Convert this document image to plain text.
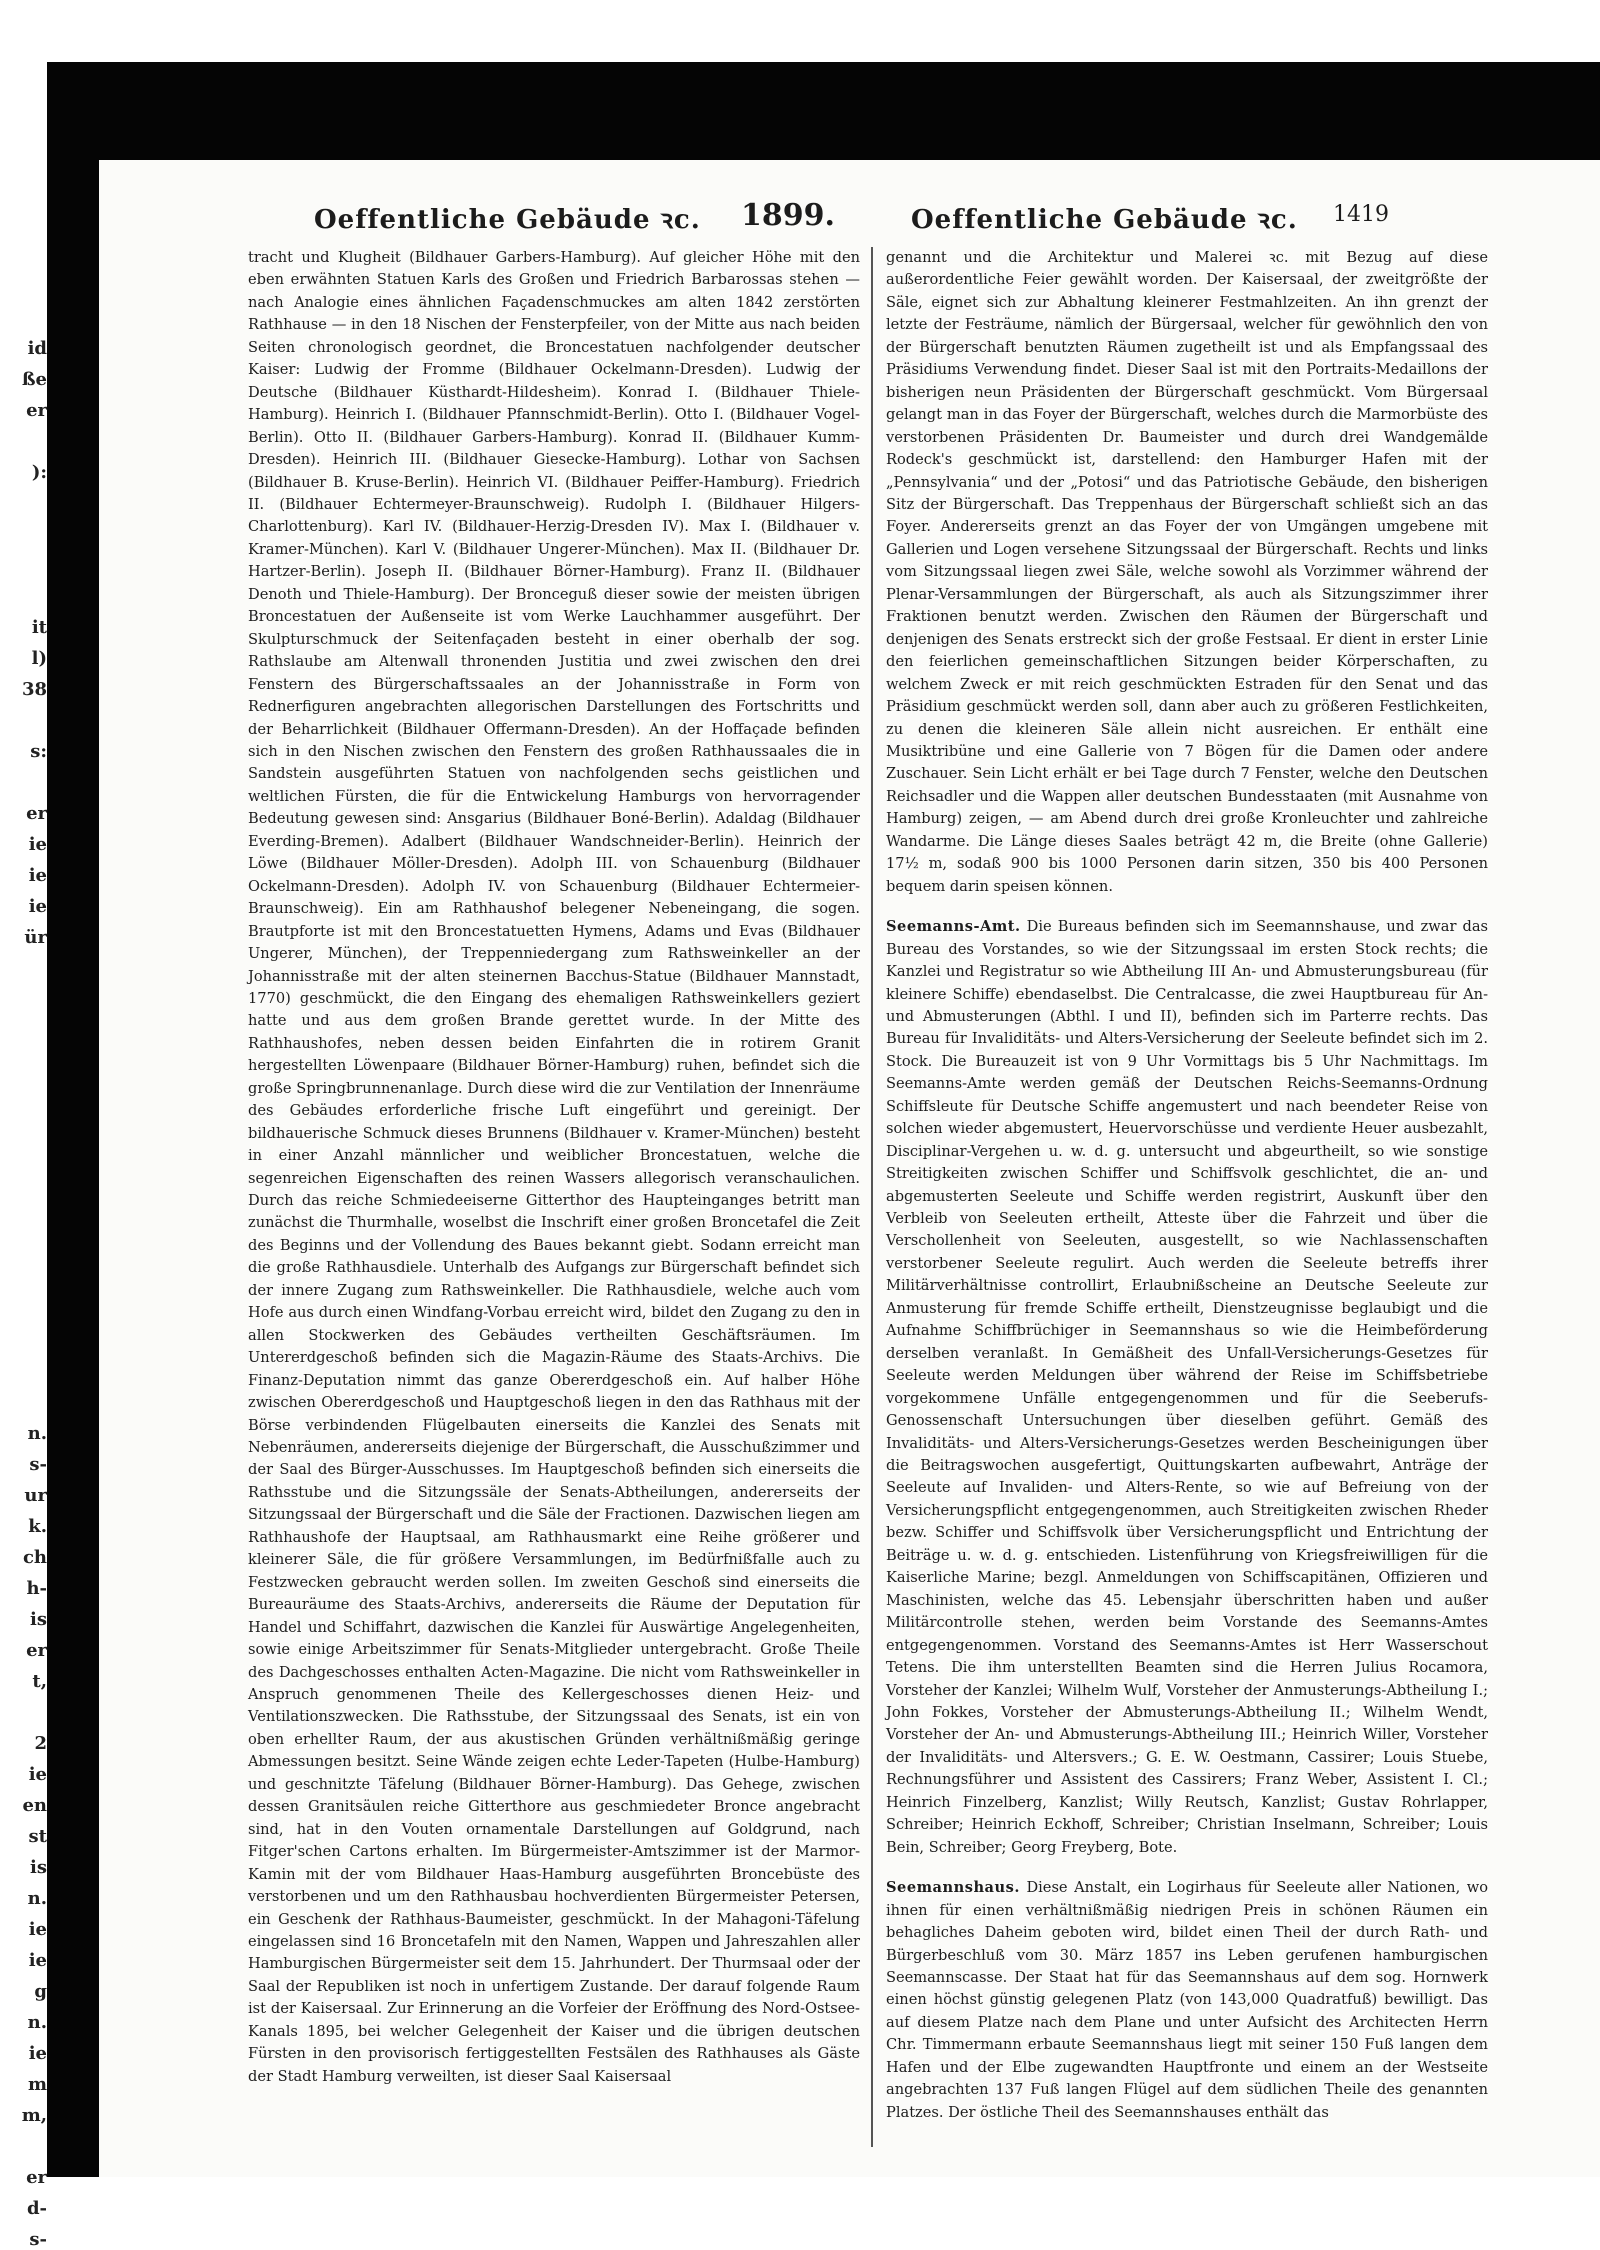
id
ße
er
):
it
l)
38
s:
er
ie
ie
ie
ür
n.
s-
ur
k.
ch
h-
is
er
t,
2
ie
en
st
is
n.
ie
ie
g
n.
ie
m
m,
er
d-
s-
Oeffentliche Gebäude ꝛc. 1899.	Oeffentliche Gebäude ꝛc. 1419

tracht und Klugheit (Bildhauer Garbers-Hamburg). Auf gleicher Höhe mit den eben erwähnten Statuen Karls des Großen und Friedrich Barbarossas stehen — nach Analogie eines ähnlichen Façadenschmuckes am alten 1842 zerstörten Rathhause — in den 18 Nischen der Fensterpfeiler, von der Mitte aus nach beiden Seiten chronologisch geordnet, die Broncestatuen nachfolgender deutscher Kaiser: Ludwig der Fromme (Bildhauer Ockelmann-Dresden). Ludwig der Deutsche (Bildhauer Küsthardt-Hildesheim). Konrad I. (Bildhauer Thiele-Hamburg). Heinrich I. (Bildhauer Pfannschmidt-Berlin). Otto I. (Bildhauer Vogel-Berlin). Otto II. (Bildhauer Garbers-Hamburg). Konrad II. (Bildhauer Kumm-Dresden). Heinrich III. (Bildhauer Giesecke-Hamburg). Lothar von Sachsen (Bildhauer B. Kruse-Berlin). Heinrich VI. (Bildhauer Peiffer-Hamburg). Friedrich II. (Bildhauer Echtermeyer-Braunschweig). Rudolph I. (Bildhauer Hilgers-Charlottenburg). Karl IV. (Bildhauer-Herzig-Dresden IV). Max I. (Bildhauer v. Kramer-München). Karl V. (Bildhauer Ungerer-München). Max II. (Bildhauer Dr. Hartzer-Berlin). Joseph II. (Bildhauer Börner-Hamburg). Franz II. (Bildhauer Denoth und Thiele-Hamburg). Der Bronceguß dieser sowie der meisten übrigen Broncestatuen der Außenseite ist vom Werke Lauchhammer ausgeführt. Der Skulpturschmuck der Seitenfaçaden besteht in einer oberhalb der sog. Rathslaube am Altenwall thronenden Justitia und zwei zwischen den drei Fenstern des Bürgerschaftssaales an der Johannisstraße in Form von Rednerfiguren angebrachten allegorischen Darstellungen des Fortschritts und der Beharrlichkeit (Bildhauer Offermann-Dresden). An der Hoffaçade befinden sich in den Nischen zwischen den Fenstern des großen Rathhaussaales die in Sandstein ausgeführten Statuen von nachfolgenden sechs geistlichen und weltlichen Fürsten, die für die Entwickelung Hamburgs von hervorragender Bedeutung gewesen sind: Ansgarius (Bildhauer Boné-Berlin). Adaldag (Bildhauer Everding-Bremen). Adalbert (Bildhauer Wandschneider-Berlin). Heinrich der Löwe (Bildhauer Möller-Dresden). Adolph III. von Schauenburg (Bildhauer Ockelmann-Dresden). Adolph IV. von Schauenburg (Bildhauer Echtermeier-Braunschweig). Ein am Rathhaushof belegener Nebeneingang, die sogen. Brautpforte ist mit den Broncestatuetten Hymens, Adams und Evas (Bildhauer Ungerer, München), der Treppenniedergang zum Rathsweinkeller an der Johannisstraße mit der alten steinernen Bacchus-Statue (Bildhauer Mannstadt, 1770) geschmückt, die den Eingang des ehemaligen Rathsweinkellers geziert hatte und aus dem großen Brande gerettet wurde. In der Mitte des Rathhaushofes, neben dessen beiden Einfahrten die in rotirem Granit hergestellten Löwenpaare (Bildhauer Börner-Hamburg) ruhen, befindet sich die große Springbrunnenanlage. Durch diese wird die zur Ventilation der Innenräume des Gebäudes erforderliche frische Luft eingeführt und gereinigt. Der bildhauerische Schmuck dieses Brunnens (Bildhauer v. Kramer-München) besteht in einer Anzahl männlicher und weiblicher Broncestatuen, welche die segenreichen Eigenschaften des reinen Wassers allegorisch veranschaulichen. Durch das reiche Schmiedeeiserne Gitterthor des Haupteinganges betritt man zunächst die Thurmhalle, woselbst die Inschrift einer großen Broncetafel die Zeit des Beginns und der Vollendung des Baues bekannt giebt. Sodann erreicht man die große Rathhausdiele. Unterhalb des Aufgangs zur Bürgerschaft befindet sich der innere Zugang zum Rathsweinkeller. Die Rathhausdiele, welche auch vom Hofe aus durch einen Windfang-Vorbau erreicht wird, bildet den Zugang zu den in allen Stockwerken des Gebäudes vertheilten Geschäftsräumen. Im Untererdgeschoß befinden sich die Magazin-Räume des Staats-Archivs. Die Finanz-Deputation nimmt das ganze Obererdgeschoß ein. Auf halber Höhe zwischen Obererdgeschoß und Hauptgeschoß liegen in den das Rathhaus mit der Börse verbindenden Flügelbauten einerseits die Kanzlei des Senats mit Nebenräumen, andererseits diejenige der Bürgerschaft, die Ausschußzimmer und der Saal des Bürger-Ausschusses. Im Hauptgeschoß befinden sich einerseits die Rathsstube und die Sitzungssäle der Senats-Abtheilungen, andererseits der Sitzungssaal der Bürgerschaft und die Säle der Fractionen. Dazwischen liegen am Rathhaushofe der Hauptsaal, am Rathhausmarkt eine Reihe größerer und kleinerer Säle, die für größere Versammlungen, im Bedürfnißfalle auch zu Festzwecken gebraucht werden sollen. Im zweiten Geschoß sind einerseits die Bureauräume des Staats-Archivs, andererseits die Räume der Deputation für Handel und Schiffahrt, dazwischen die Kanzlei für Auswärtige Angelegenheiten, sowie einige Arbeitszimmer für Senats-Mitglieder untergebracht. Große Theile des Dachgeschosses enthalten Acten-Magazine. Die nicht vom Rathsweinkeller in Anspruch genommenen Theile des Kellergeschosses dienen Heiz- und Ventilationszwecken. Die Rathsstube, der Sitzungssaal des Senats, ist ein von oben erhellter Raum, der aus akustischen Gründen verhältnißmäßig geringe Abmessungen besitzt. Seine Wände zeigen echte Leder-Tapeten (Hulbe-Hamburg) und geschnitzte Täfelung (Bildhauer Börner-Hamburg). Das Gehege, zwischen dessen Granitsäulen reiche Gitterthore aus geschmiedeter Bronce angebracht sind, hat in den Vouten ornamentale Darstellungen auf Goldgrund, nach Fitger'schen Cartons erhalten. Im Bürgermeister-Amtszimmer ist der Marmor-Kamin mit der vom Bildhauer Haas-Hamburg ausgeführten Broncebüste des verstorbenen und um den Rathhausbau hochverdienten Bürgermeister Petersen, ein Geschenk der Rathhaus-Baumeister, geschmückt. In der Mahagoni-Täfelung eingelassen sind 16 Broncetafeln mit den Namen, Wappen und Jahreszahlen aller Hamburgischen Bürgermeister seit dem 15. Jahrhundert. Der Thurmsaal oder der Saal der Republiken ist noch in unfertigem Zustande. Der darauf folgende Raum ist der Kaisersaal. Zur Erinnerung an die Vorfeier der Eröffnung des Nord-Ostsee-Kanals 1895, bei welcher Gelegenheit der Kaiser und die übrigen deutschen Fürsten in den provisorisch fertiggestellten Festsälen des Rathhauses als Gäste der Stadt Hamburg verweilten, ist dieser Saal Kaisersaal

genannt und die Architektur und Malerei ꝛc. mit Bezug auf diese außerordentliche Feier gewählt worden. Der Kaisersaal, der zweitgrößte der Säle, eignet sich zur Abhaltung kleinerer Festmahlzeiten. An ihn grenzt der letzte der Festräume, nämlich der Bürgersaal, welcher für gewöhnlich den von der Bürgerschaft benutzten Räumen zugetheilt ist und als Empfangssaal des Präsidiums Verwendung findet. Dieser Saal ist mit den Portraits-Medaillons der bisherigen neun Präsidenten der Bürgerschaft geschmückt. Vom Bürgersaal gelangt man in das Foyer der Bürgerschaft, welches durch die Marmorbüste des verstorbenen Präsidenten Dr. Baumeister und durch drei Wandgemälde Rodeck's geschmückt ist, darstellend: den Hamburger Hafen mit der „Pennsylvania“ und der „Potosi“ und das Patriotische Gebäude, den bisherigen Sitz der Bürgerschaft. Das Treppenhaus der Bürgerschaft schließt sich an das Foyer. Andererseits grenzt an das Foyer der von Umgängen umgebene mit Gallerien und Logen versehene Sitzungssaal der Bürgerschaft. Rechts und links vom Sitzungssaal liegen zwei Säle, welche sowohl als Vorzimmer während der Plenar-Versammlungen der Bürgerschaft, als auch als Sitzungszimmer ihrer Fraktionen benutzt werden. Zwischen den Räumen der Bürgerschaft und denjenigen des Senats erstreckt sich der große Festsaal. Er dient in erster Linie den feierlichen gemeinschaftlichen Sitzungen beider Körperschaften, zu welchem Zweck er mit reich geschmückten Estraden für den Senat und das Präsidium geschmückt werden soll, dann aber auch zu größeren Festlichkeiten, zu denen die kleineren Säle allein nicht ausreichen. Er enthält eine Musiktribüne und eine Gallerie von 7 Bögen für die Damen oder andere Zuschauer. Sein Licht erhält er bei Tage durch 7 Fenster, welche den Deutschen Reichsadler und die Wappen aller deutschen Bundesstaaten (mit Ausnahme von Hamburg) zeigen, — am Abend durch drei große Kronleuchter und zahlreiche Wandarme. Die Länge dieses Saales beträgt 42 m, die Breite (ohne Gallerie) 17½ m, sodaß 900 bis 1000 Personen darin sitzen, 350 bis 400 Personen bequem darin speisen können.

Seemanns-Amt. Die Bureaus befinden sich im Seemannshause, und zwar das Bureau des Vorstandes, so wie der Sitzungssaal im ersten Stock rechts; die Kanzlei und Registratur so wie Abtheilung III An- und Abmusterungsbureau (für kleinere Schiffe) ebendaselbst. Die Centralcasse, die zwei Hauptbureau für An- und Abmusterungen (Abthl. I und II), befinden sich im Parterre rechts. Das Bureau für Invaliditäts- und Alters-Versicherung der Seeleute befindet sich im 2. Stock. Die Bureauzeit ist von 9 Uhr Vormittags bis 5 Uhr Nachmittags. Im Seemanns-Amte werden gemäß der Deutschen Reichs-Seemanns-Ordnung Schiffsleute für Deutsche Schiffe angemustert und nach beendeter Reise von solchen wieder abgemustert, Heuervorschüsse und verdiente Heuer ausbezahlt, Disciplinar-Vergehen u. w. d. g. untersucht und abgeurtheilt, so wie sonstige Streitigkeiten zwischen Schiffer und Schiffsvolk geschlichtet, die an- und abgemusterten Seeleute und Schiffe werden registrirt, Auskunft über den Verbleib von Seeleuten ertheilt, Atteste über die Fahrzeit und über die Verschollenheit von Seeleuten, ausgestellt, so wie Nachlassenschaften verstorbener Seeleute regulirt. Auch werden die Seeleute betreffs ihrer Militärverhältnisse controllirt, Erlaubnißscheine an Deutsche Seeleute zur Anmusterung für fremde Schiffe ertheilt, Dienstzeugnisse beglaubigt und die Aufnahme Schiffbrüchiger in Seemannshaus so wie die Heimbeförderung derselben veranlaßt. In Gemäßheit des Unfall-Versicherungs-Gesetzes für Seeleute werden Meldungen über während der Reise im Schiffsbetriebe vorgekommene Unfälle entgegengenommen und für die Seeberufs-Genossenschaft Untersuchungen über dieselben geführt. Gemäß des Invaliditäts- und Alters-Versicherungs-Gesetzes werden Bescheinigungen über die Beitragswochen ausgefertigt, Quittungskarten aufbewahrt, Anträge der Seeleute auf Invaliden- und Alters-Rente, so wie auf Befreiung von der Versicherungspflicht entgegengenommen, auch Streitigkeiten zwischen Rheder bezw. Schiffer und Schiffsvolk über Versicherungspflicht und Entrichtung der Beiträge u. w. d. g. entschieden. Listenführung von Kriegsfreiwilligen für die Kaiserliche Marine; bezgl. Anmeldungen von Schiffscapitänen, Offizieren und Maschinisten, welche das 45. Lebensjahr überschritten haben und außer Militärcontrolle stehen, werden beim Vorstande des Seemanns-Amtes entgegengenommen. Vorstand des Seemanns-Amtes ist Herr Wasserschout Tetens. Die ihm unterstellten Beamten sind die Herren Julius Rocamora, Vorsteher der Kanzlei; Wilhelm Wulf, Vorsteher der Anmusterungs-Abtheilung I.; John Fokkes, Vorsteher der Abmusterungs-Abtheilung II.; Wilhelm Wendt, Vorsteher der An- und Abmusterungs-Abtheilung III.; Heinrich Willer, Vorsteher der Invaliditäts- und Altersvers.; G. E. W. Oestmann, Cassirer; Louis Stuebe, Rechnungsführer und Assistent des Cassirers; Franz Weber, Assistent I. Cl.; Heinrich Finzelberg, Kanzlist; Willy Reutsch, Kanzlist; Gustav Rohrlapper, Schreiber; Heinrich Eckhoff, Schreiber; Christian Inselmann, Schreiber; Louis Bein, Schreiber; Georg Freyberg, Bote.

Seemannshaus. Diese Anstalt, ein Logirhaus für Seeleute aller Nationen, wo ihnen für einen verhältnißmäßig niedrigen Preis in schönen Räumen ein behagliches Daheim geboten wird, bildet einen Theil der durch Rath- und Bürgerbeschluß vom 30. März 1857 ins Leben gerufenen hamburgischen Seemannscasse. Der Staat hat für das Seemannshaus auf dem sog. Hornwerk einen höchst günstig gelegenen Platz (von 143,000 Quadratfuß) bewilligt. Das auf diesem Platze nach dem Plane und unter Aufsicht des Architecten Herrn Chr. Timmermann erbaute Seemannshaus liegt mit seiner 150 Fuß langen dem Hafen und der Elbe zugewandten Hauptfronte und einem an der Westseite angebrachten 137 Fuß langen Flügel auf dem südlichen Theile des genannten Platzes. Der östliche Theil des Seemannshauses enthält das
